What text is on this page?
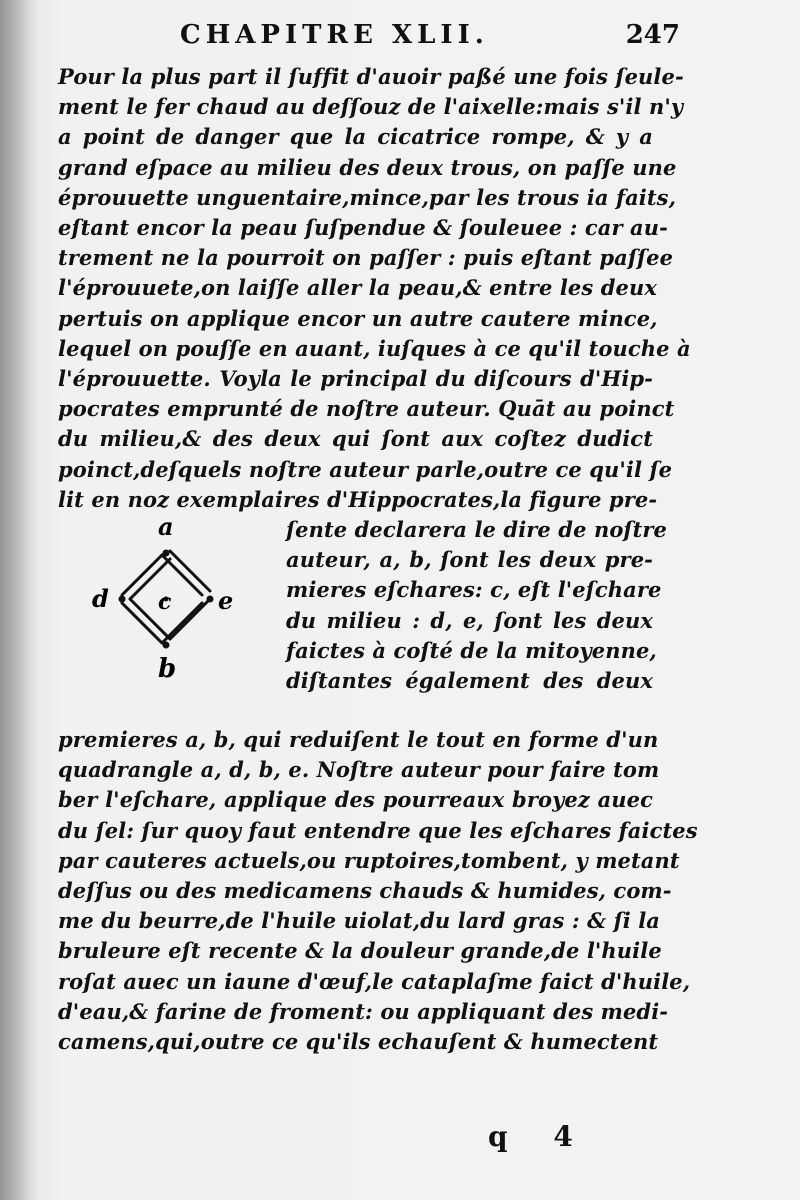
CHAPITRE XLII.	247
Pour la plus part il ſuffit d'auoir paßé une fois ſeule-
ment le fer chaud au deſſouz de l'aixelle:mais s'il n'y
a point de danger que la cicatrice rompe, & y a
grand eſpace au milieu des deux trous, on paſſe une
éprouuette unguentaire,mince,par les trous ia faits,
eſtant encor la peau ſuſpendue & ſouleuee : car au-
trement ne la pourroit on paſſer : puis eſtant paſſee
l'éprouuete,on laiſſe aller la peau,& entre les deux
pertuis on applique encor un autre cautere mince,
lequel on pouſſe en auant, iuſques à ce qu'il touche à
l'éprouuette. Voyla le principal du diſcours d'Hip-
pocrates emprunté de noſtre auteur. Quāt au poinct
du milieu,& des deux qui ſont aux coſtez dudict
poinct,deſquels noſtre auteur parle,outre ce qu'il ſe
lit en noz exemplaires d'Hippocrates,la figure pre-
a
c
d	e
b
ſente declarera le dire de noſtre
auteur, a, b, ſont les deux pre-
mieres eſchares: c, eſt l'eſchare
du milieu : d, e, ſont les deux
faictes à coſté de la mitoyenne,
diſtantes également des deux
premieres a, b, qui reduiſent le tout en forme d'un
quadrangle a, d, b, e. Noſtre auteur pour faire tom
ber l'eſchare, applique des pourreaux broyez auec
du ſel: ſur quoy faut entendre que les eſchares faictes
par cauteres actuels,ou ruptoires,tombent, y metant
deſſus ou des medicamens chauds & humides, com-
me du beurre,de l'huile uiolat,du lard gras : & ſi la
bruleure eſt recente & la douleur grande,de l'huile
roſat auec un iaune d'œuf,le cataplaſme faict d'huile,
d'eau,& farine de froment: ou appliquant des medi-
camens,qui,outre ce qu'ils echauſent & humectent
q 4
